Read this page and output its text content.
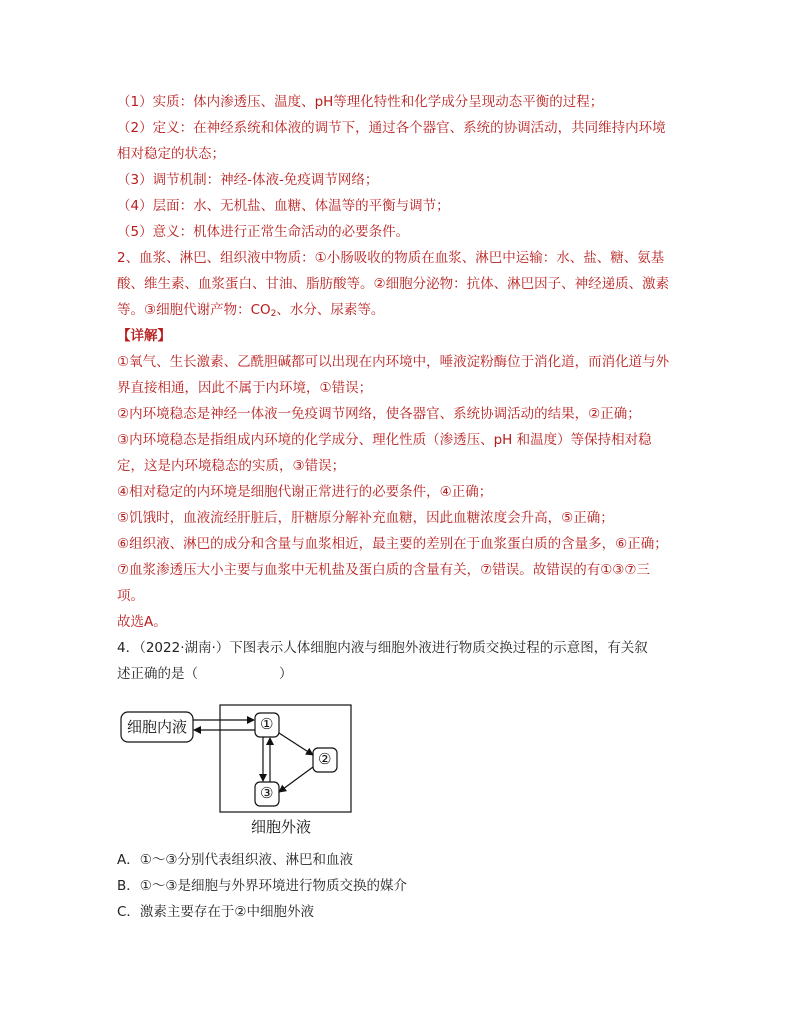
（1）实质：体内渗透压、温度、pH等理化特性和化学成分呈现动态平衡的过程；
（2）定义：在神经系统和体液的调节下，通过各个器官、系统的协调活动，共同维持内环境
相对稳定的状态；
（3）调节机制：神经-体液-免疫调节网络；
（4）层面：水、无机盐、血糖、体温等的平衡与调节；
（5）意义：机体进行正常生命活动的必要条件。
2、血浆、淋巴、组织液中物质：①小肠吸收的物质在血浆、淋巴中运输：水、盐、糖、氨基
酸、维生素、血浆蛋白、甘油、脂肪酸等。②细胞分泌物：抗体、淋巴因子、神经递质、激素
等。③细胞代谢产物：$CO_2$、水分、尿素等。
【详解】
①氧气、生长激素、乙酰胆碱都可以出现在内环境中，唾液淀粉酶位于消化道，而消化道与外
界直接相通，因此不属于内环境，①错误；
②内环境稳态是神经一体液一免疫调节网络，使各器官、系统协调活动的结果，②正确；
③内环境稳态是指组成内环境的化学成分、理化性质（渗透压、pH 和温度）等保持相对稳
定，这是内环境稳态的实质，③错误；
④相对稳定的内环境是细胞代谢正常进行的必要条件，④正确；
⑤饥饿时，血液流经肝脏后，肝糖原分解补充血糖，因此血糖浓度会升高，⑤正确；
⑥组织液、淋巴的成分和含量与血浆相近，最主要的差别在于血浆蛋白质的含量多，⑥正确；
⑦血浆渗透压大小主要与血浆中无机盐及蛋白质的含量有关，⑦错误。故错误的有①③⑦三
项。
故选A。
4．（2022·湖南·）下图表示人体细胞内液与细胞外液进行物质交换过程的示意图，有关叙
述正确的是（　　　　　　）
细胞内液	①
②
③
细胞外液
A．①～③分别代表组织液、淋巴和血液
B．①～③是细胞与外界环境进行物质交换的媒介
C．激素主要存在于②中细胞外液
